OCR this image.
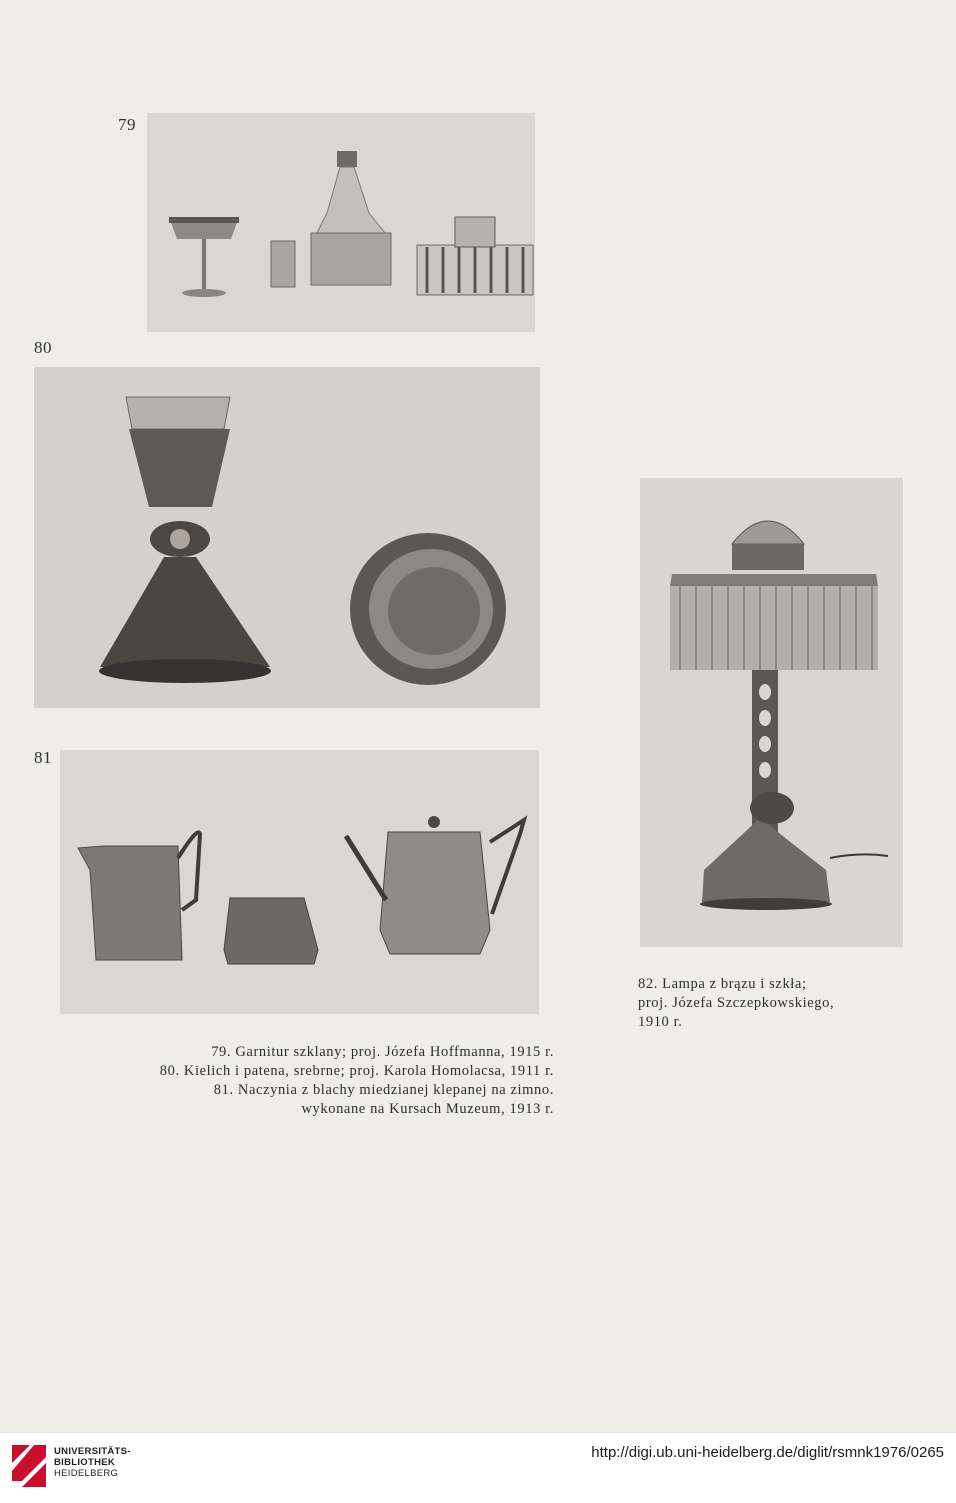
79
80
81
82. Lampa z brązu i szkła;
proj. Józefa Szczepkowskiego,
1910 r.
79. Garnitur szklany; proj. Józefa Hoffmanna, 1915 r.
80. Kielich i patena, srebrne; proj. Karola Homolacsa, 1911 r.
81. Naczynia z blachy miedzianej klepanej na zimno.
wykonane na Kursach Muzeum, 1913 r.
UNIVERSITÄTS-
BIBLIOTHEK
HEIDELBERG
http://digi.ub.uni-heidelberg.de/diglit/rsmnk1976/0265
